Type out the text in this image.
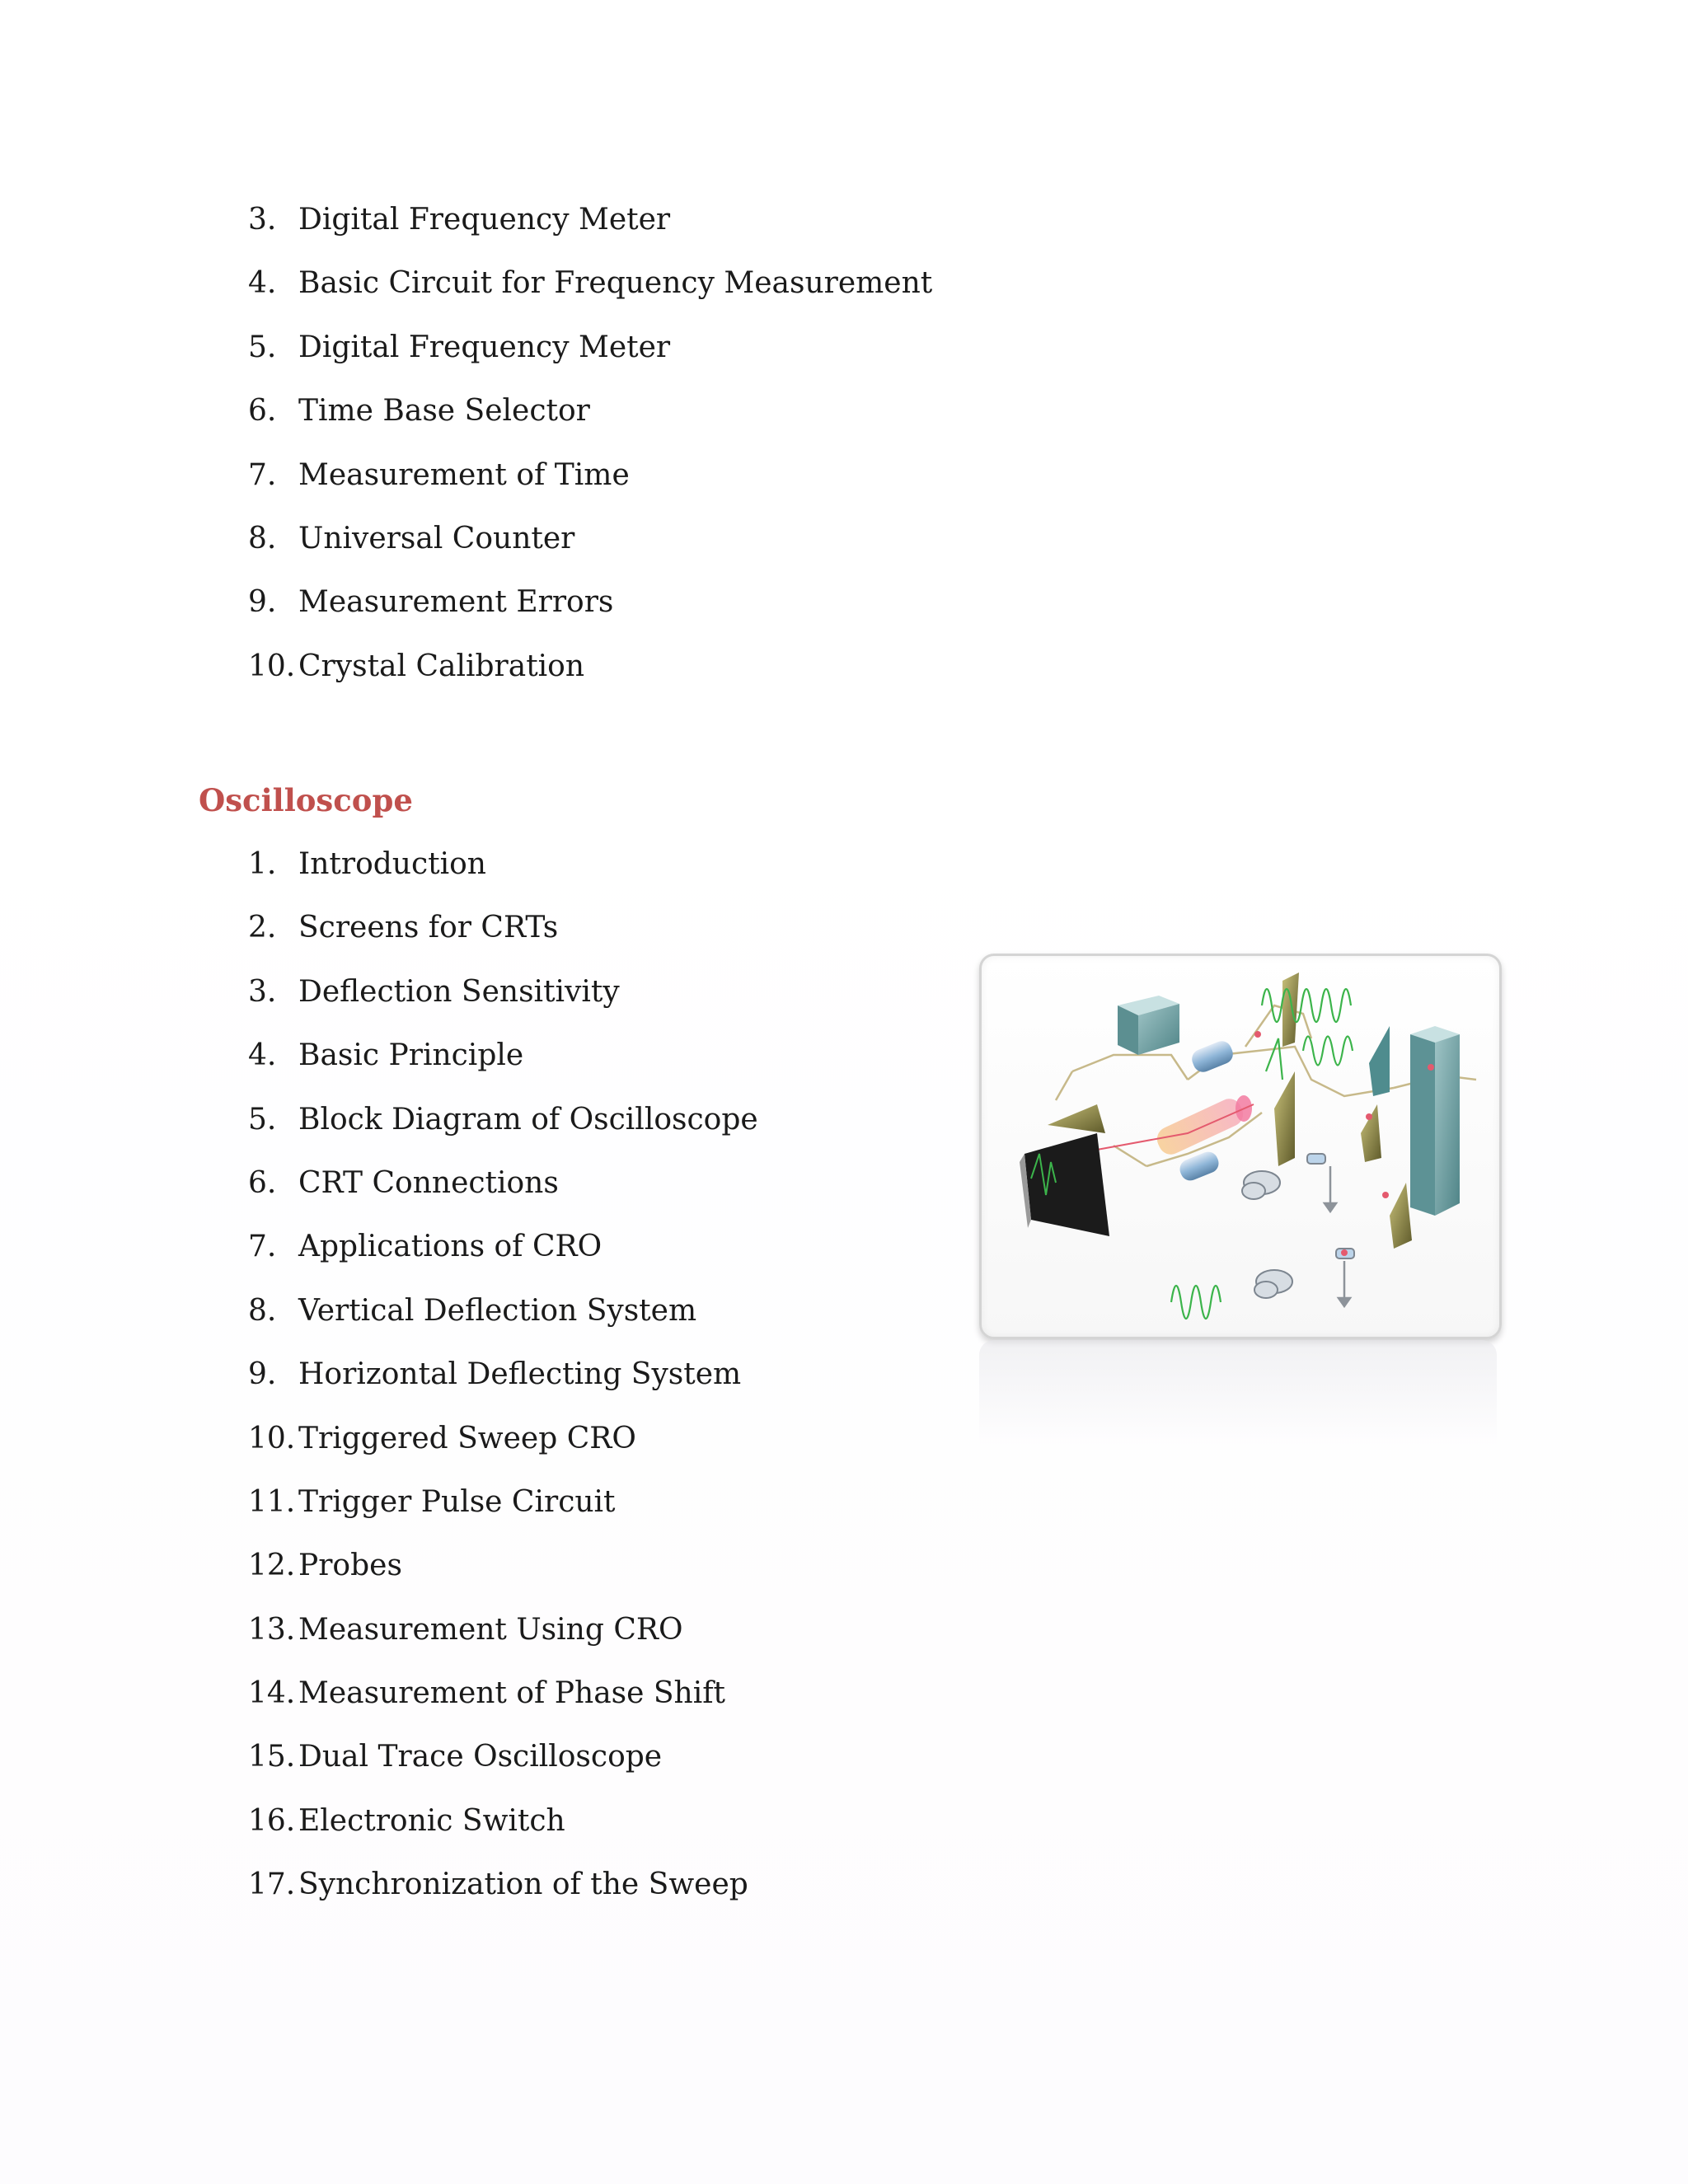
3. Digital Frequency Meter
4. Basic Circuit for Frequency Measurement
5. Digital Frequency Meter
6. Time Base Selector
7. Measurement of Time
8. Universal Counter
9. Measurement Errors
10. Crystal Calibration
Oscilloscope
1. Introduction
2. Screens for CRTs
3. Deflection Sensitivity
4. Basic Principle
5. Block Diagram of Oscilloscope
6. CRT Connections
7. Applications of CRO
8. Vertical Deflection System
9. Horizontal Deflecting System
10. Triggered Sweep CRO
11. Trigger Pulse Circuit
12. Probes
13. Measurement Using CRO
14. Measurement of Phase Shift
15. Dual Trace Oscilloscope
16. Electronic Switch
17. Synchronization of the Sweep
